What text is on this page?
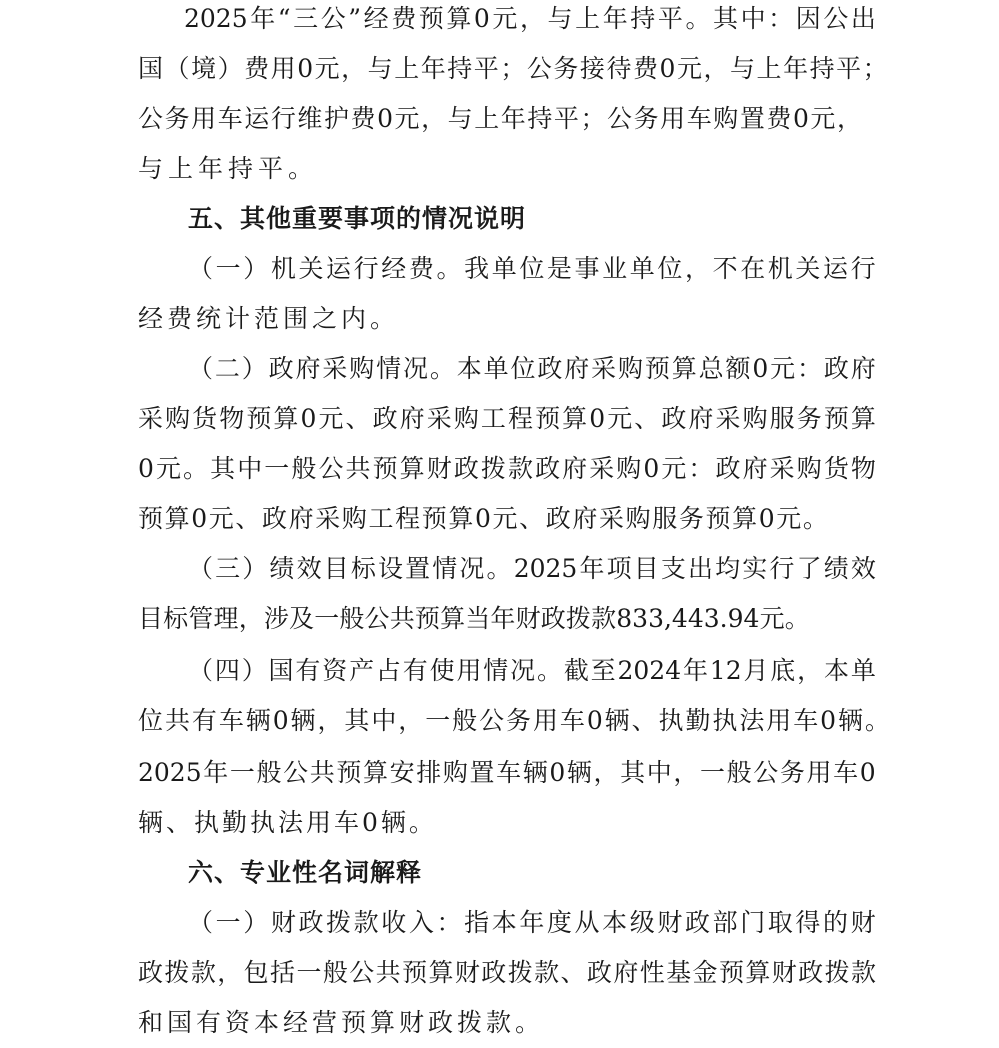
2025 年 “ 三 公 ” 经 费 预 算 0 元 ， 与 上 年 持 平 。 其 中 ： 因 公 出
国 （ 境 ） 费 用 0 元 ， 与 上 年 持 平 ； 公 务 接 待 费 0 元 ， 与 上 年 持 平 ；
公 务 用 车 运 行 维 护 费 0 元 ， 与 上 年 持 平 ； 公 务 用 车 购 置 费 0 元 ，
与上年持平。
五、其他重要事项的情况说明
（ 一 ） 机 关 运 行 经 费 。 我 单 位 是 事 业 单 位 ， 不 在 机 关 运 行
经费统计范围之内。
（ 二 ） 政 府 采 购 情 况 。 本 单 位 政 府 采 购 预 算 总 额 0 元 ： 政 府
采 购 货 物 预 算 0 元 、 政 府 采 购 工 程 预 算 0 元 、 政 府 采 购 服 务 预 算
0 元 。 其 中 一 般 公 共 预 算 财 政 拨 款 政 府 采 购 0 元 ： 政 府 采 购 货 物
预 算 0 元 、 政 府 采 购 工 程 预 算 0 元 、 政 府 采 购 服 务 预 算 0 元 。
（ 三 ） 绩 效 目 标 设 置 情 况 。 2025 年 项 目 支 出 均 实 行 了 绩 效
目 标 管 理 ， 涉 及 一 般 公 共 预 算 当 年 财 政 拨 款 833,443.94 元 。
（ 四 ） 国 有 资 产 占 有 使 用 情 况 。 截 至 2024 年 12 月 底 ， 本 单
位 共 有 车 辆 0 辆 ， 其 中 ， 一 般 公 务 用 车 0 辆 、 执 勤 执 法 用 车 0 辆 。
2025 年 一 般 公 共 预 算 安 排 购 置 车 辆 0 辆 ， 其 中 ， 一 般 公 务 用 车 0
辆、执勤执法用车0辆。
六、专业性名词解释
（ 一 ） 财 政 拨 款 收 入 ： 指 本 年 度 从 本 级 财 政 部 门 取 得 的 财
政 拨 款 ， 包 括 一 般 公 共 预 算 财 政 拨 款 、 政 府 性 基 金 预 算 财 政 拨 款
和国有资本经营预算财政拨款。
